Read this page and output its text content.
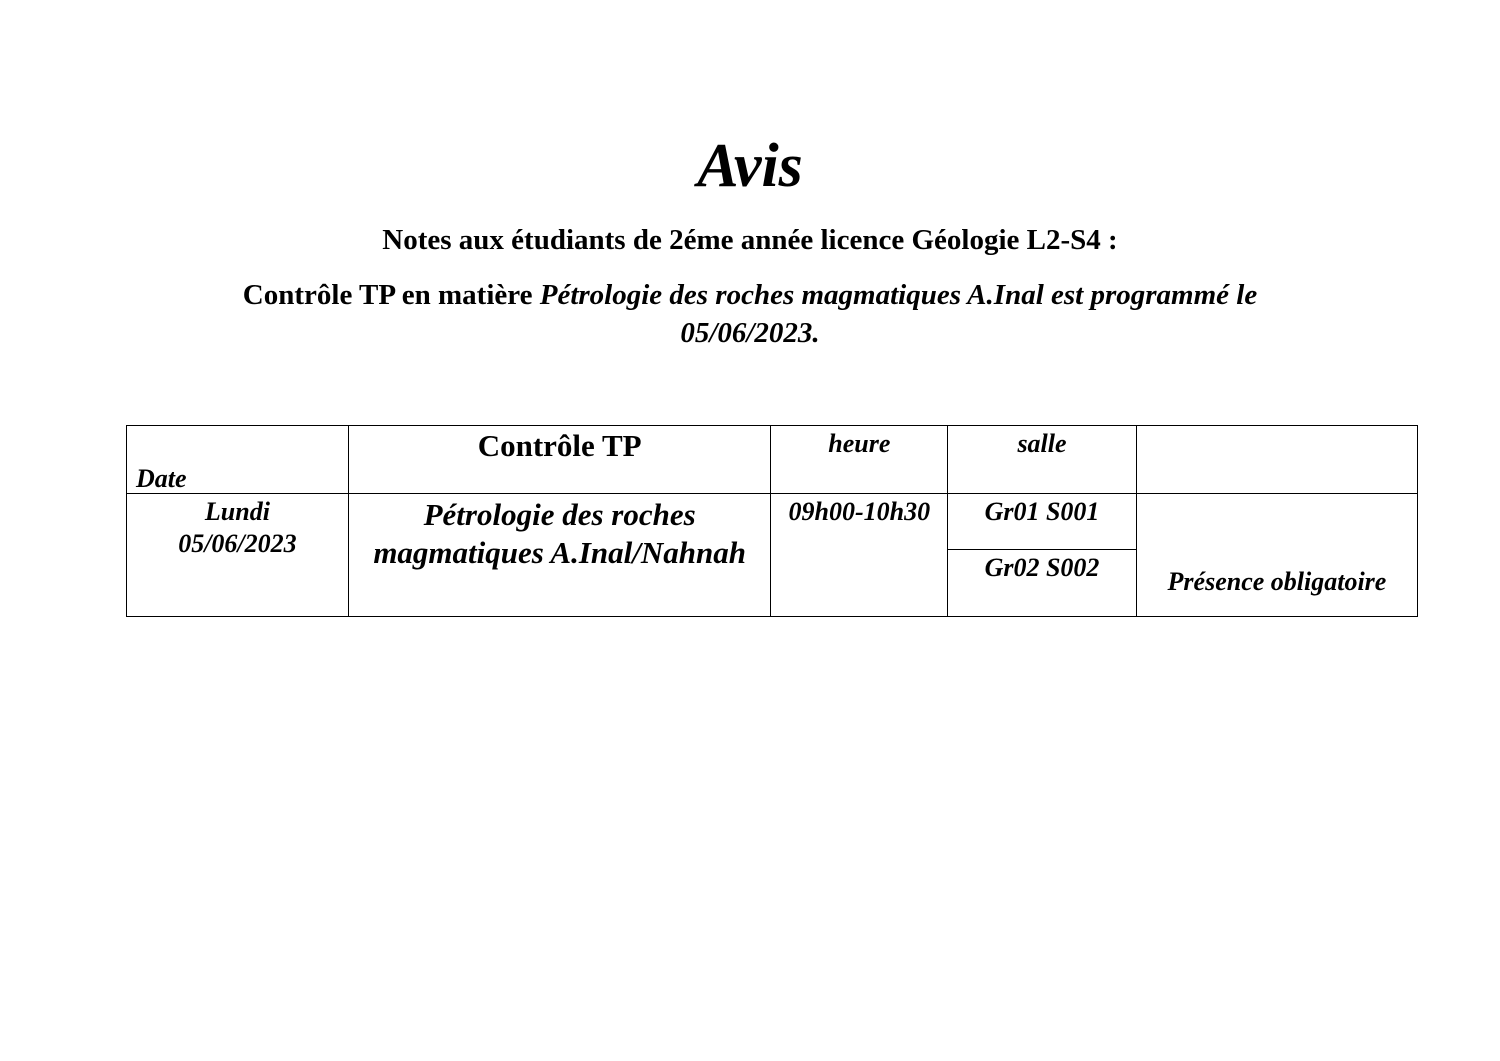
Avis
Notes aux étudiants de 2éme année licence Géologie L2-S4 :
Contrôle TP en matière Pétrologie des roches magmatiques A.Inal est programmé le 05/06/2023.
Date	Contrôle TP	heure	salle	

Lundi
05/06/2023	Pétrologie des roches magmatiques A.Inal/Nahnah	09h00-10h30	Gr01 S001	Présence obligatoire
			Gr02 S002	
